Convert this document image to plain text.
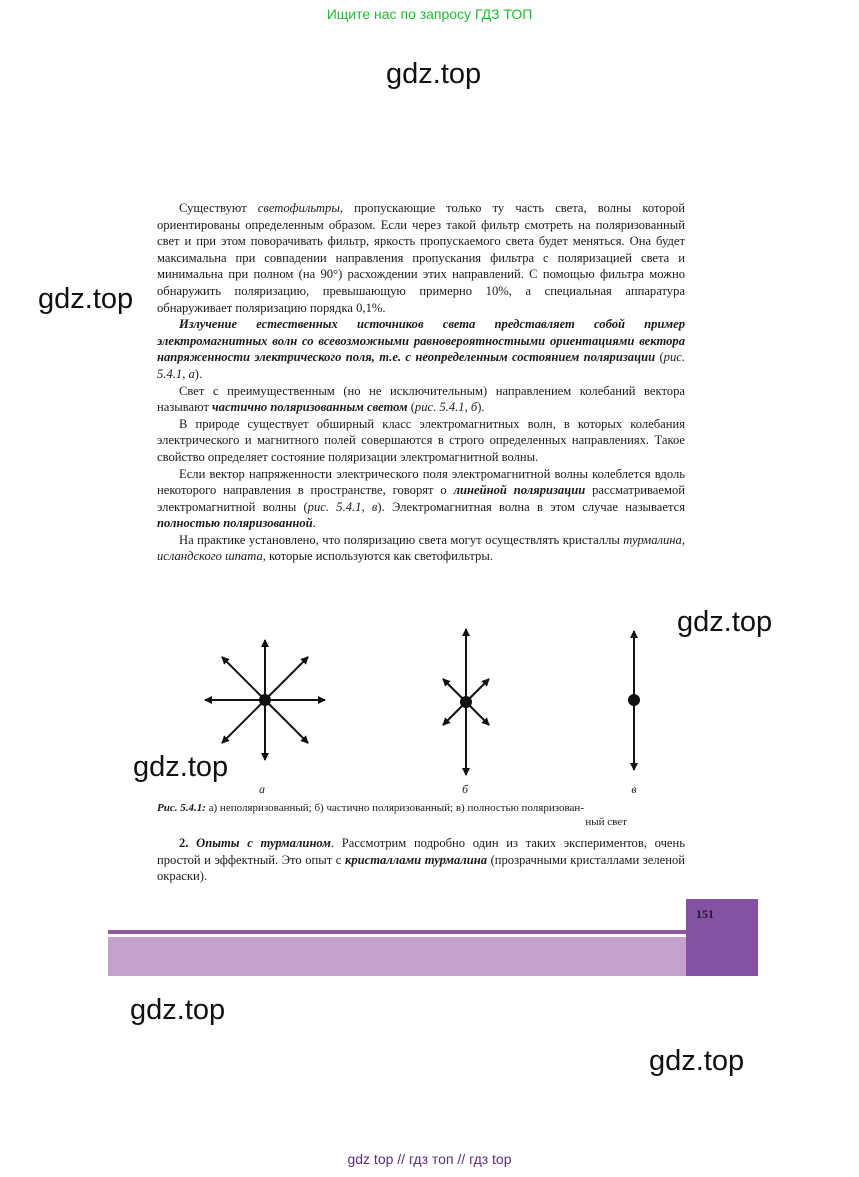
Ищите нас по запросу ГДЗ ТОП
gdz.top
gdz.top
gdz.top
gdz.top
gdz.top
gdz.top

Существуют светофильтры, пропускающие только ту часть света, волны которой ориентированы определенным образом. Если через такой фильтр смотреть на поляризованный свет и при этом поворачивать фильтр, яркость пропускаемого света будет меняться. Она будет максимальна при совпадении направления пропускания фильтра с поляризацией света и минимальна при полном (на 90°) расхождении этих направлений. С помощью фильтра можно обнаружить поляризацию, превышающую примерно 10%, а специальная аппаратура обнаруживает поляризацию порядка 0,1%.

Излучение естественных источников света представляет собой пример электромагнитных волн со всевозможными равновероятностными ориентациями вектора напряженности электрического поля, т.е. с неопределенным состоянием поляризации (рис. 5.4.1, а).

Свет с преимущественным (но не исключительным) направлением колебаний вектора называют частично поляризованным светом (рис. 5.4.1, б).

В природе существует обширный класс электромагнитных волн, в которых колебания электрического и магнитного полей совершаются в строго определенных направлениях. Такое свойство определяет состояние поляризации электромагнитной волны.

Если вектор напряженности электрического поля электромагнитной волны колеблется вдоль некоторого направления в пространстве, говорят о линейной поляризации рассматриваемой электромагнитной волны (рис. 5.4.1, в). Электромагнитная волна в этом случае называется полностью поляризованной.

На практике установлено, что поляризацию света могут осуществлять кристаллы турмалина, исландского шпата, которые используются как светофильтры.

а	б	в
Рис. 5.4.1: а) неполяризованный; б) частично поляризованный; в) полностью поляризован-
ный свет

2. Опыты с турмалином. Рассмотрим подробно один из таких экспериментов, очень простой и эффектный. Это опыт с кристаллами турмалина (прозрачными кристаллами зеленой окраски).

151
gdz top // гдз топ // гдз top
